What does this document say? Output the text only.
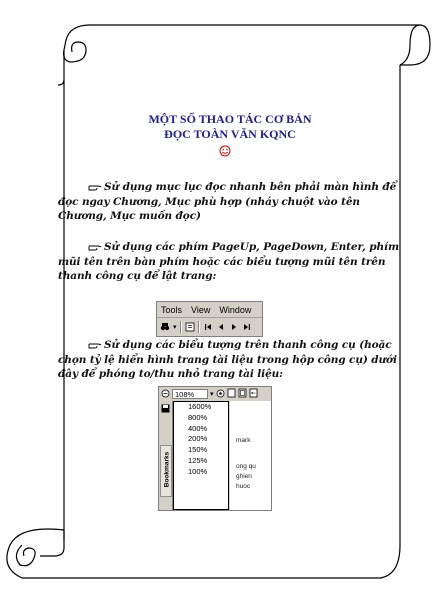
MỘT SỐ THAO TÁC CƠ BẢN
ĐỌC TOÀN VĂN KQNC
Sử dụng mục lục đọc nhanh bên phải màn hình để đọc ngay Chương, Mục phù hợp (nháy chuột vào tên Chương, Mục muốn đọc)
Sử dụng các phím PageUp, PageDown, Enter, phím mũi tên trên bàn phím hoặc các biểu tượng mũi tên trên thanh công cụ để lật trang:
Tools View Window
▾
Sử dụng các biểu tượng trên thanh công cụ (hoặc chọn tỷ lệ hiển hình trang tài liệu trong hộp công cụ) dưới đây để phóng to/thu nhỏ trang tài liệu:
108%	▾
Bookmarks
1600%
800%
400%
200%
150%
125%
100%
mark
ong qu
ghien
huoc
